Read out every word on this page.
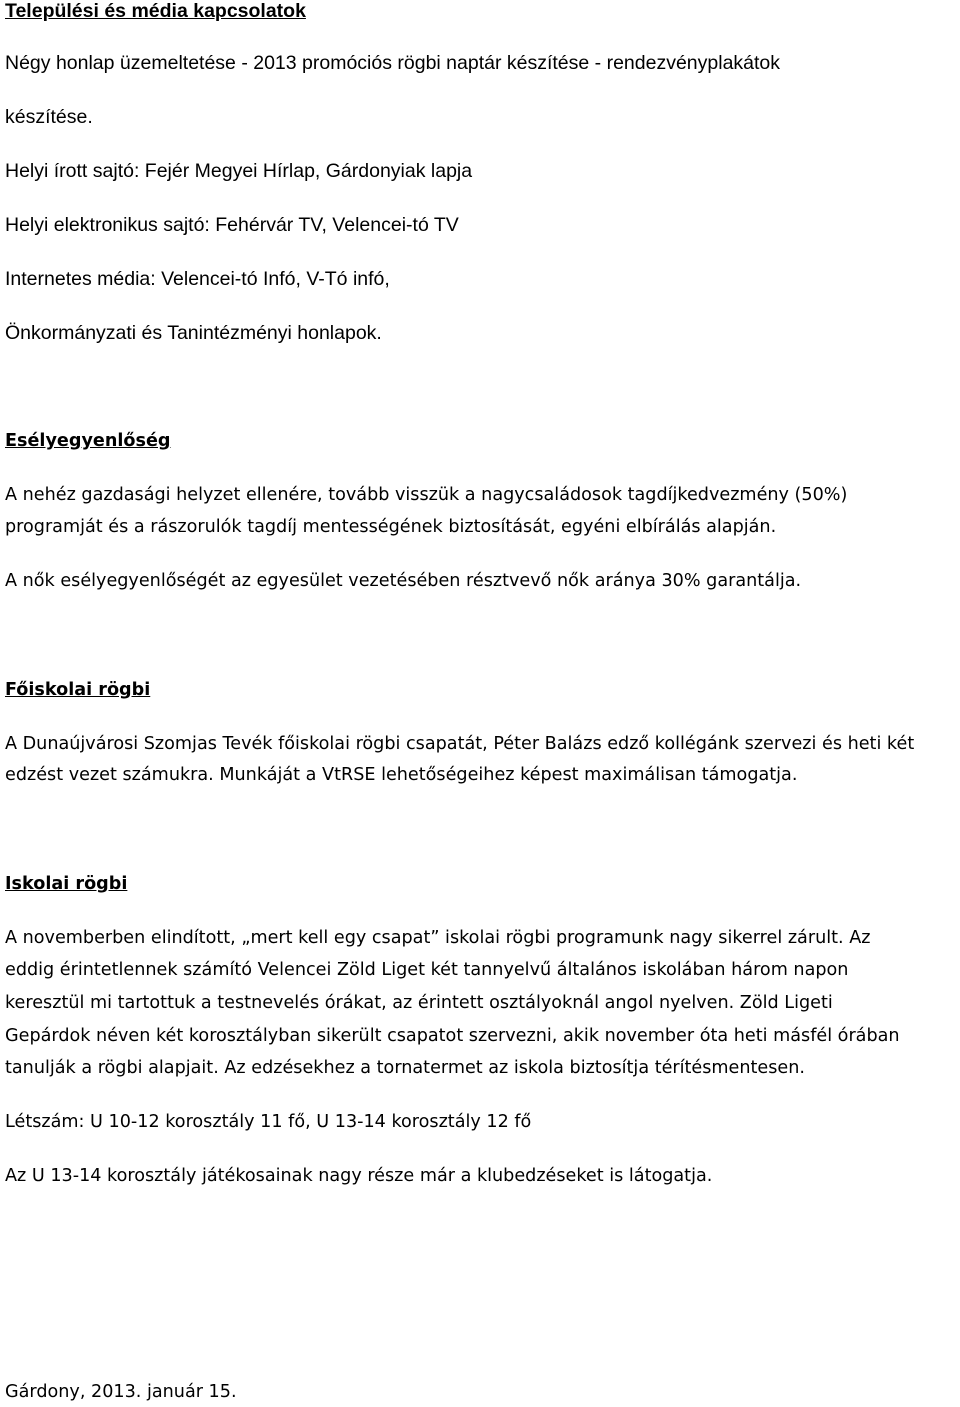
Települési és média kapcsolatok
Négy honlap üzemeltetése - 2013 promóciós rögbi naptár készítése - rendezvényplakátok
készítése.
Helyi írott sajtó: Fejér Megyei Hírlap, Gárdonyiak lapja
Helyi elektronikus sajtó: Fehérvár TV, Velencei-tó TV
Internetes média: Velencei-tó Infó, V-Tó infó,
Önkormányzati és Tanintézményi honlapok.
Esélyegyenlőség
A nehéz gazdasági helyzet ellenére, tovább visszük a nagycsaládosok tagdíjkedvezmény (50%)
programját és a rászorulók tagdíj mentességének biztosítását, egyéni elbírálás alapján.
A nők esélyegyenlőségét az egyesület vezetésében résztvevő nők aránya 30% garantálja.
Főiskolai rögbi
A Dunaújvárosi Szomjas Tevék főiskolai rögbi csapatát, Péter Balázs edző kollégánk szervezi és heti két
edzést vezet számukra. Munkáját a VtRSE lehetőségeihez képest maximálisan támogatja.
Iskolai rögbi
A novemberben elindított, „mert kell egy csapat” iskolai rögbi programunk nagy sikerrel zárult. Az
eddig érintetlennek számító Velencei Zöld Liget két tannyelvű általános iskolában három napon
keresztül mi tartottuk a testnevelés órákat, az érintett osztályoknál angol nyelven. Zöld Ligeti
Gepárdok néven két korosztályban sikerült csapatot szervezni, akik november óta heti másfél órában
tanulják a rögbi alapjait. Az edzésekhez a tornatermet az iskola biztosítja térítésmentesen.
Létszám: U 10-12 korosztály 11 fő, U 13-14 korosztály 12 fő
Az U 13-14 korosztály játékosainak nagy része már a klubedzéseket is látogatja.
Gárdony, 2013. január 15.
